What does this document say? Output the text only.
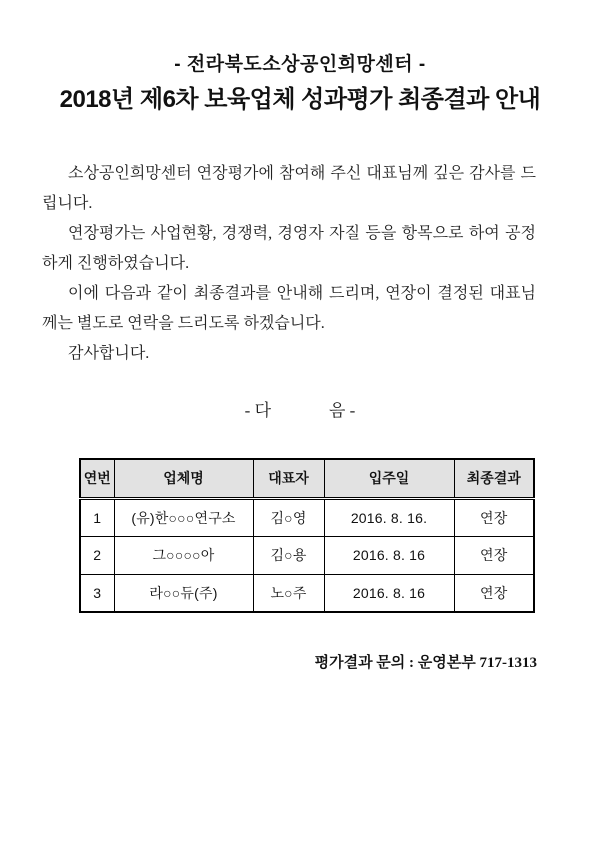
- 전라북도소상공인희망센터 -
2018년 제6차 보육업체 성과평가 최종결과 안내

소상공인희망센터 연장평가에 참여해 주신 대표님께 깊은 감사를 드립니다.

연장평가는 사업현황, 경쟁력, 경영자 자질 등을 항목으로 하여 공정하게 진행하였습니다.

이에 다음과 같이 최종결과를 안내해 드리며, 연장이 결정된 대표님께는 별도로 연락을 드리도록 하겠습니다.

감사합니다.

- 다	음 -
연번	업체명	대표자	입주일	최종결과
1	(유)한○○○연구소	김○영	2016. 8. 16.	연장
2	그○○○○아	김○용	2016. 8. 16	연장
3	라○○듀(주)	노○주	2016. 8. 16	연장
평가결과 문의 : 운영본부 717-1313
